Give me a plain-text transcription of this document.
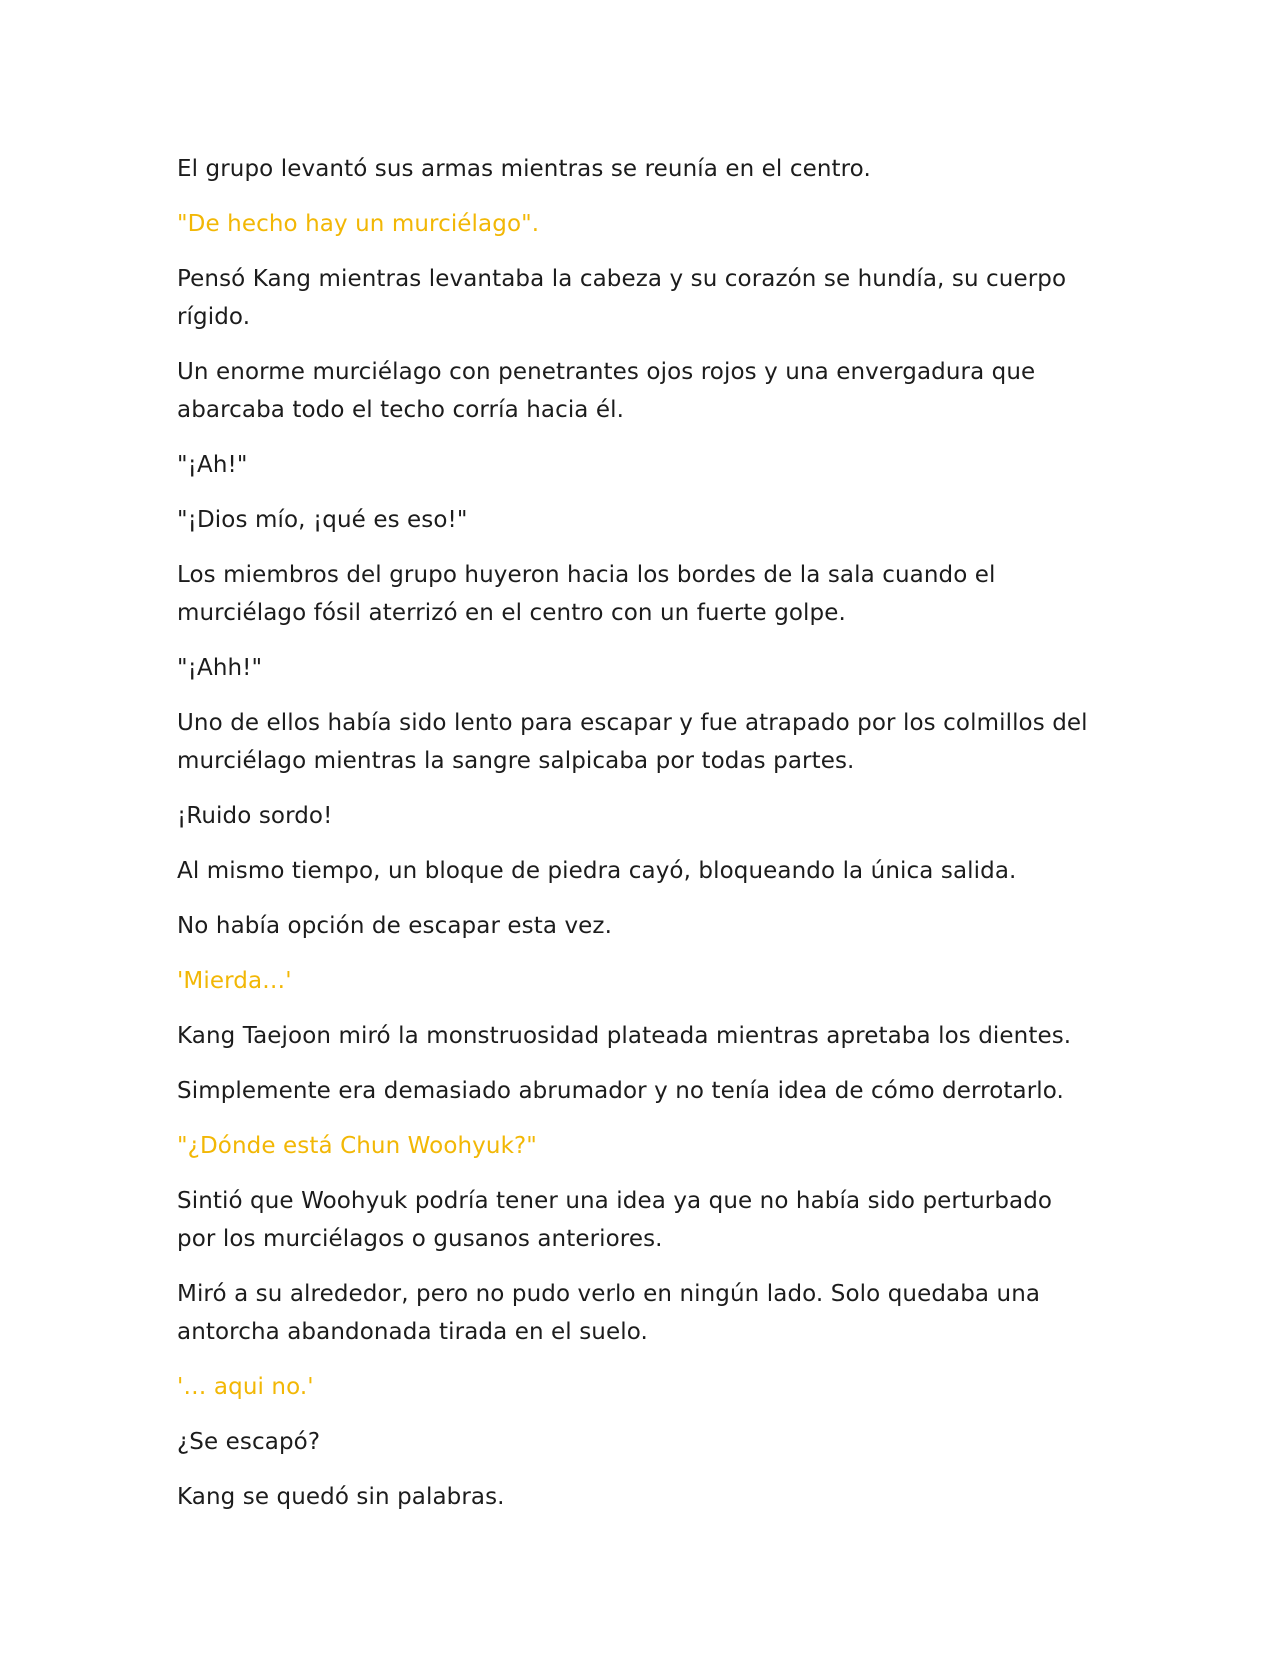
El grupo levantó sus armas mientras se reunía en el centro.

"De hecho hay un murciélago".

Pensó Kang mientras levantaba la cabeza y su corazón se hundía, su cuerpo rígido.

Un enorme murciélago con penetrantes ojos rojos y una envergadura que abarcaba todo el techo corría hacia él.

"¡Ah!"

"¡Dios mío, ¡qué es eso!"

Los miembros del grupo huyeron hacia los bordes de la sala cuando el murciélago fósil aterrizó en el centro con un fuerte golpe.

"¡Ahh!"

Uno de ellos había sido lento para escapar y fue atrapado por los colmillos del murciélago mientras la sangre salpicaba por todas partes.

¡Ruido sordo!

Al mismo tiempo, un bloque de piedra cayó, bloqueando la única salida.

No había opción de escapar esta vez.

'Mierda…'

Kang Taejoon miró la monstruosidad plateada mientras apretaba los dientes.

Simplemente era demasiado abrumador y no tenía idea de cómo derrotarlo.

"¿Dónde está Chun Woohyuk?"

Sintió que Woohyuk podría tener una idea ya que no había sido perturbado por los murciélagos o gusanos anteriores.

Miró a su alrededor, pero no pudo verlo en ningún lado. Solo quedaba una antorcha abandonada tirada en el suelo.

'… aqui no.'

¿Se escapó?

Kang se quedó sin palabras.
